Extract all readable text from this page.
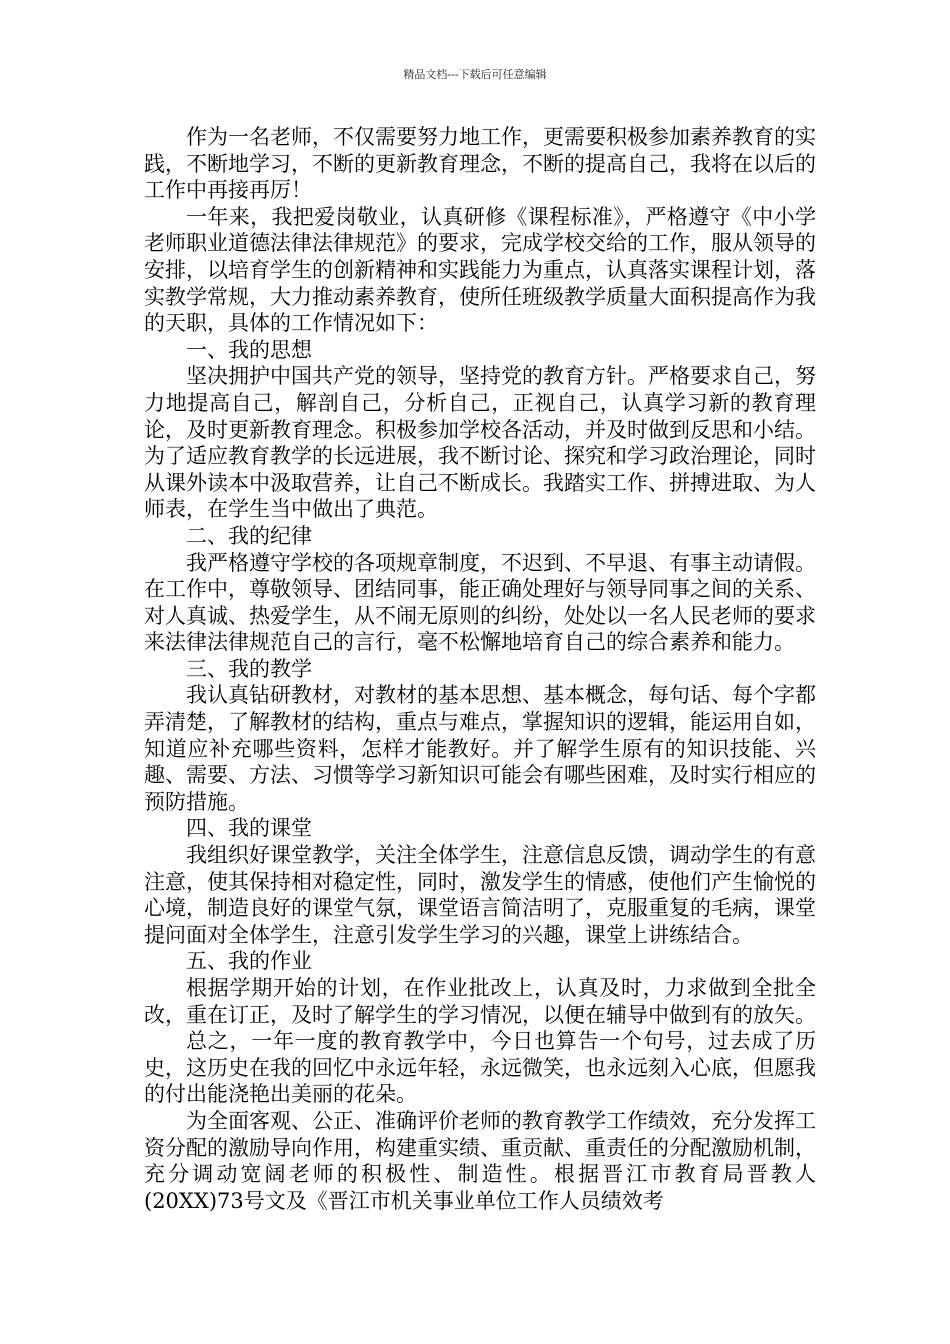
精品文档---下载后可任意编辑

作为一名老师，不仅需要努力地工作，更需要积极参加素养教育的实践，不断地学习，不断的更新教育理念，不断的提高自己，我将在以后的工作中再接再厉！

一年来，我把爱岗敬业，认真研修《课程标准》，严格遵守《中小学老师职业道德法律法律规范》的要求，完成学校交给的工作，服从领导的安排，以培育学生的创新精神和实践能力为重点，认真落实课程计划，落实教学常规，大力推动素养教育，使所任班级教学质量大面积提高作为我的天职，具体的工作情况如下：

一、我的思想

坚决拥护中国共产党的领导，坚持党的教育方针。严格要求自己，努力地提高自己，解剖自己，分析自己，正视自己，认真学习新的教育理论，及时更新教育理念。积极参加学校各活动，并及时做到反思和小结。为了适应教育教学的长远进展，我不断讨论、探究和学习政治理论，同时从课外读本中汲取营养，让自己不断成长。我踏实工作、拼搏进取、为人师表，在学生当中做出了典范。

二、我的纪律

我严格遵守学校的各项规章制度，不迟到、不早退、有事主动请假。在工作中，尊敬领导、团结同事，能正确处理好与领导同事之间的关系、对人真诚、热爱学生，从不闹无原则的纠纷，处处以一名人民老师的要求来法律法律规范自己的言行，毫不松懈地培育自己的综合素养和能力。

三、我的教学

我认真钻研教材，对教材的基本思想、基本概念，每句话、每个字都弄清楚，了解教材的结构，重点与难点，掌握知识的逻辑，能运用自如，知道应补充哪些资料，怎样才能教好。并了解学生原有的知识技能、兴趣、需要、方法、习惯等学习新知识可能会有哪些困难，及时实行相应的预防措施。

四、我的课堂

我组织好课堂教学，关注全体学生，注意信息反馈，调动学生的有意注意，使其保持相对稳定性，同时，激发学生的情感，使他们产生愉悦的心境，制造良好的课堂气氛，课堂语言简洁明了，克服重复的毛病，课堂提问面对全体学生，注意引发学生学习的兴趣，课堂上讲练结合。

五、我的作业

根据学期开始的计划，在作业批改上，认真及时，力求做到全批全改，重在订正，及时了解学生的学习情况，以便在辅导中做到有的放矢。

总之，一年一度的教育教学中，今日也算告一个句号，过去成了历史，这历史在我的回忆中永远年轻，永远微笑，也永远刻入心底，但愿我的付出能浇艳出美丽的花朵。

为全面客观、公正、准确评价老师的教育教学工作绩效，充分发挥工资分配的激励导向作用，构建重实绩、重贡献、重责任的分配激励机制，充分调动宽阔老师的积极性、制造性。根据晋江市教育局晋教人(20XX)73号文及《晋江市机关事业单位工作人员绩效考
